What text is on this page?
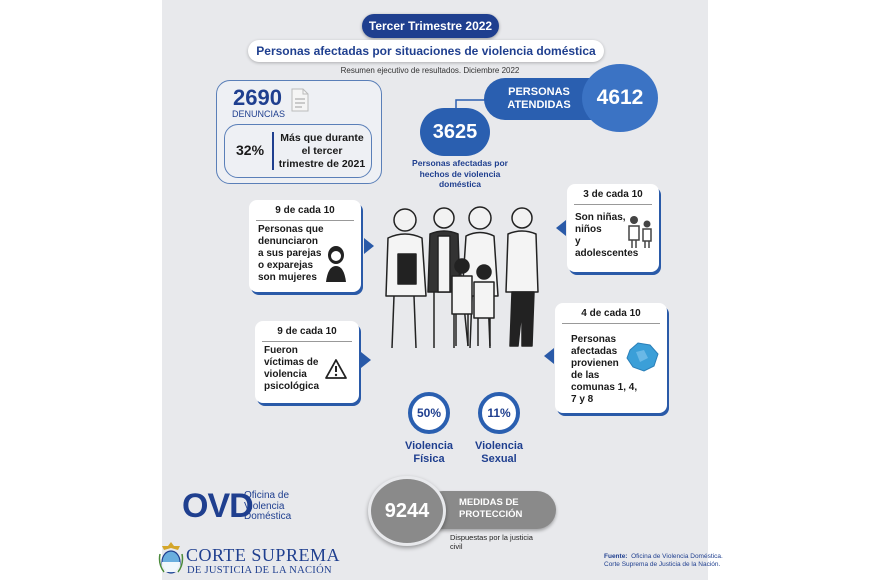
Tercer Trimestre 2022
Personas afectadas por situaciones de violencia doméstica
Resumen ejecutivo de resultados. Diciembre 2022
2690
DENUNCIAS
32%
Más que durante
el tercer
trimestre de 2021
PERSONAS
ATENDIDAS	4612
3625
Personas afectadas por
hechos de violencia
doméstica
9 de cada 10
Personas que
denunciaron
a sus parejas
o exparejas
son mujeres
3 de cada 10
Son niñas,
niños
y
adolescentes
9 de cada 10
Fueron
víctimas de
violencia
psicológica
4 de cada 10
Personas
afectadas
provienen
de las
comunas 1, 4,
7 y 8
50%
Violencia
Física
11%
Violencia
Sexual
MEDIDAS DE
PROTECCIÓN
9244
Dispuestas por la justicia
civil
OVD
Oficina de
Violencia
Doméstica
CORTE SUPREMA
DE JUSTICIA DE LA NACIÓN
Fuente: Oficina de Violencia Doméstica.
Corte Suprema de Justicia de la Nación.
